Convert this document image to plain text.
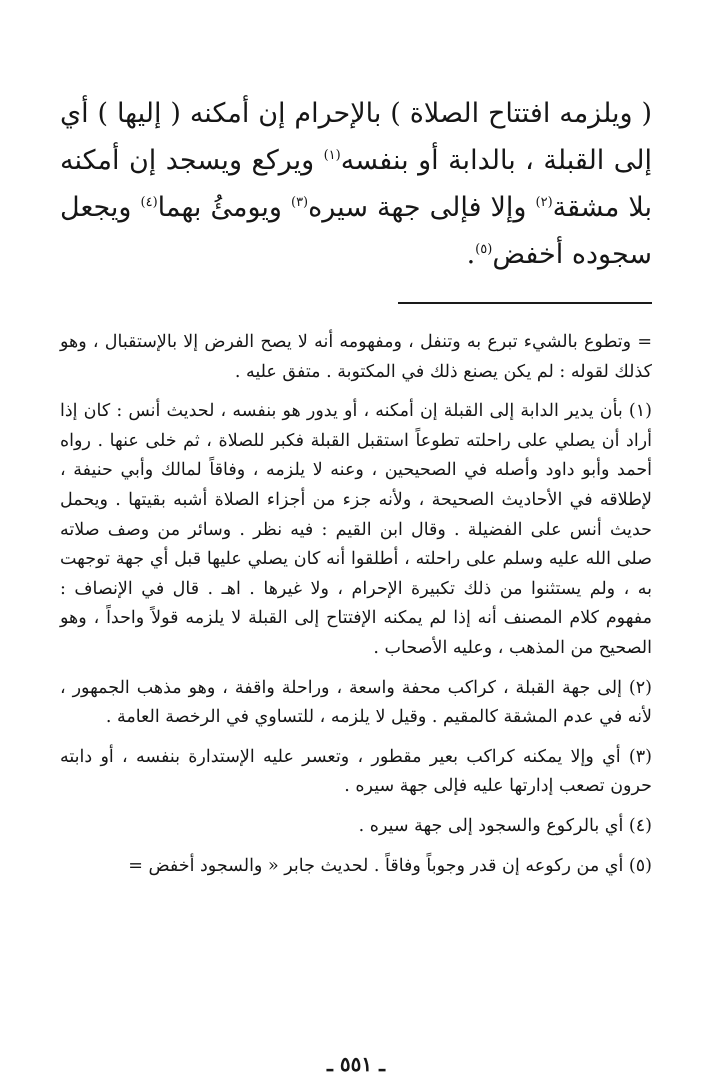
( ويلزمه افتتاح الصلاة ) بالإحرام إن أمكنه ( إليها ) أي إلى القبلة ، بالدابة أو بنفسه$^{(١)}$ ويركع ويسجد إن أمكنه بلا مشقة$^{(٢)}$ وإلا فإلى جهة سيره$^{(٣)}$ ويومئُ بهما$^{(٤)}$ ويجعل سجوده أخفض$^{(٥)}$.

= وتطوع بالشيء تبرع به وتنفل ، ومفهومه أنه لا يصح الفرض إلا بالإستقبال ، وهو كذلك لقوله : لم يكن يصنع ذلك في المكتوبة . متفق عليه .

(١) بأن يدير الدابة إلى القبلة إن أمكنه ، أو يدور هو بنفسه ، لحديث أنس : كان إذا أراد أن يصلي على راحلته تطوعاً استقبل القبلة فكبر للصلاة ، ثم خلى عنها . رواه أحمد وأبو داود وأصله في الصحيحين ، وعنه لا يلزمه ، وفاقاً لمالك وأبي حنيفة ، لإطلاقه في الأحاديث الصحيحة ، ولأنه جزء من أجزاء الصلاة أشبه بقيتها . ويحمل حديث أنس على الفضيلة . وقال ابن القيم : فيه نظر . وسائر من وصف صلاته صلى الله عليه وسلم على راحلته ، أطلقوا أنه كان يصلي عليها قبل أي جهة توجهت به ، ولم يستثنوا من ذلك تكبيرة الإحرام ، ولا غيرها . اهـ . قال في الإنصاف : مفهوم كلام المصنف أنه إذا لم يمكنه الإفتتاح إلى القبلة لا يلزمه قولاً واحداً ، وهو الصحيح من المذهب ، وعليه الأصحاب .

(٢) إلى جهة القبلة ، كراكب محفة واسعة ، وراحلة واقفة ، وهو مذهب الجمهور ، لأنه في عدم المشقة كالمقيم . وقيل لا يلزمه ، للتساوي في الرخصة العامة .

(٣) أي وإلا يمكنه كراكب بعير مقطور ، وتعسر عليه الإستدارة بنفسه ، أو دابته حرون تصعب إدارتها عليه فإلى جهة سيره .

(٤) أي بالركوع والسجود إلى جهة سيره .

(٥) أي من ركوعه إن قدر وجوباً وفاقاً . لحديث جابر « والسجود أخفض =

ـ ٥٥١ ـ
